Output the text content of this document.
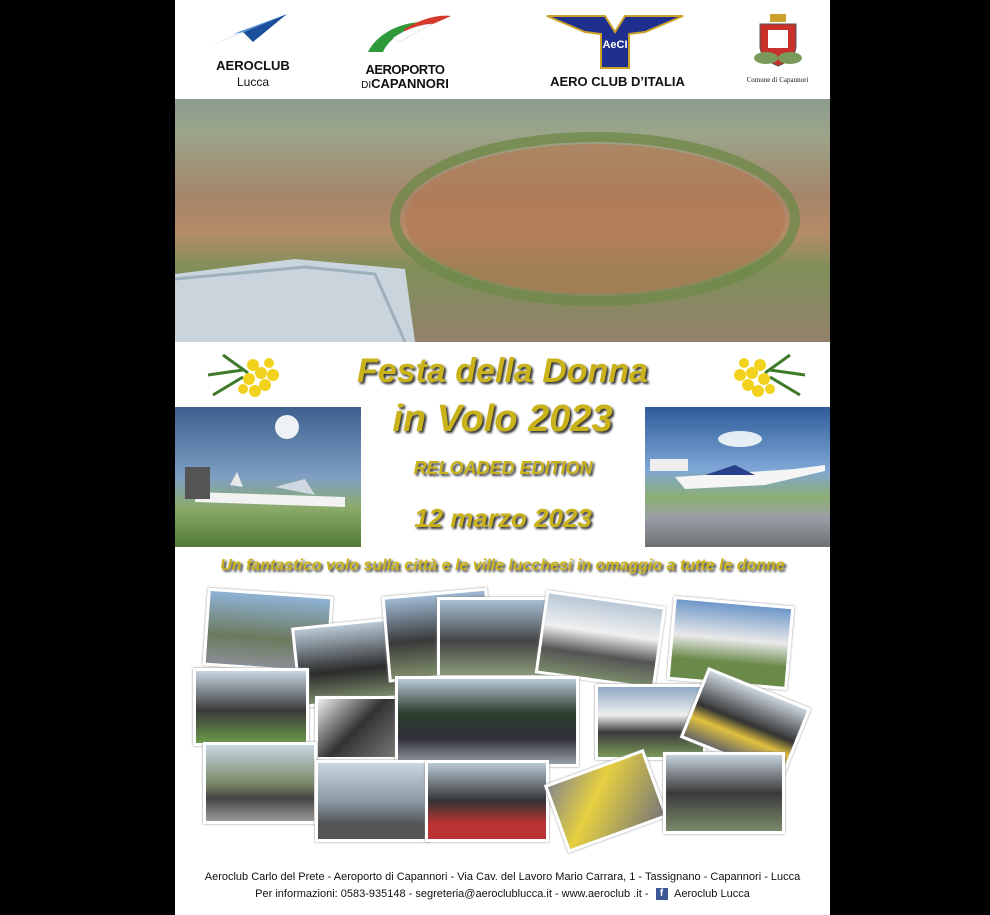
AEROCLUB
Lucca
AEROPORTO
DICAPANNORI
AeCI
AERO CLUB D’ITALIA	Comune di Capannori
Festa della Donna
in Volo 2023
RELOADED EDITION
12 marzo 2023
Un fantastico volo sulla città e le ville lucchesi in omaggio a tutte le donne
Aeroclub Carlo del Prete - Aeroporto di Capannori - Via Cav. del Lavoro Mario Carrara, 1 - Tassignano - Capannori - Lucca
Per informazioni: 0583-935148 - segreteria@aeroclublucca.it - www.aeroclub .it - f Aeroclub Lucca
